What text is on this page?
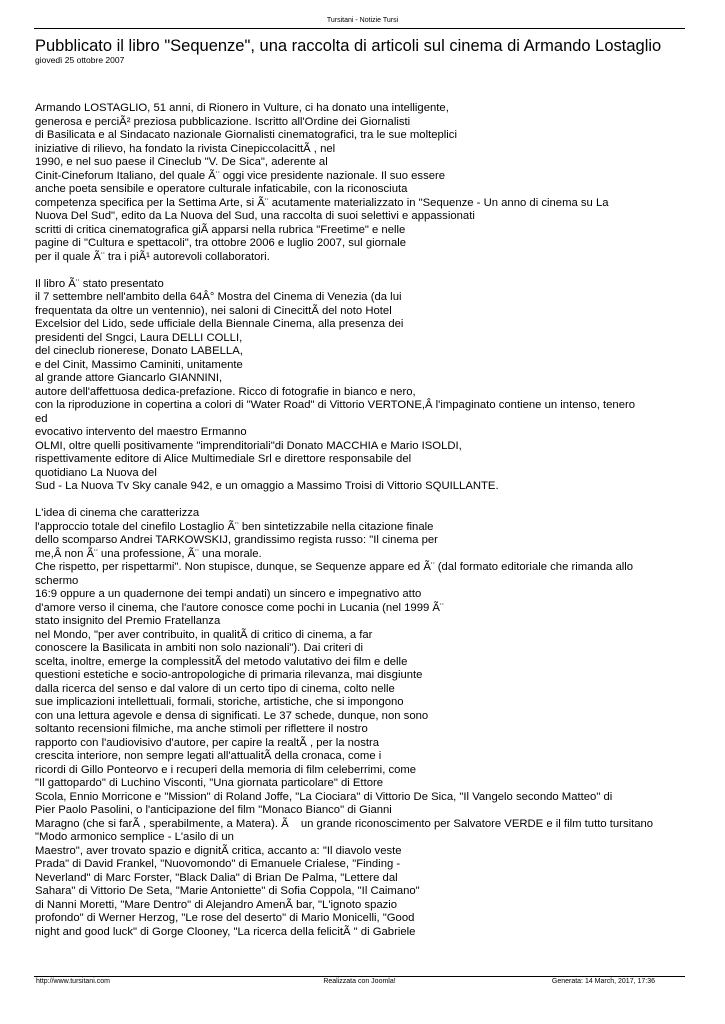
Tursitani - Notizie Tursi
Pubblicato il libro "Sequenze", una raccolta di articoli sul cinema di Armando Lostaglio
giovedì 25 ottobre 2007
Armando LOSTAGLIO, 51 anni, di Rionero in Vulture, ci ha donato una intelligente,
generosa e perciÃ² preziosa pubblicazione. Iscritto all'Ordine dei Giornalisti
di Basilicata e al Sindacato nazionale Giornalisti cinematografici, tra le sue molteplici
iniziative di rilievo, ha fondato la rivista CinepiccolacittÃ , nel
1990, e nel suo paese il Cineclub "V. De Sica", aderente al
Cinit-Cineforum Italiano, del quale Ã¨ oggi vice presidente nazionale. Il suo essere
anche poeta sensibile e operatore culturale infaticabile, con la riconosciuta
competenza specifica per la Settima Arte, si Ã¨ acutamente materializzato in "Sequenze - Un anno di cinema su La
Nuova Del Sud", edito da La Nuova del Sud, una raccolta di suoi selettivi e appassionati
scritti di critica cinematografica giÃ apparsi nella rubrica "Freetime" e nelle
pagine di "Cultura e spettacoli", tra ottobre 2006 e luglio 2007, sul giornale
per il quale Ã¨ tra i piÃ¹ autorevoli collaboratori.
Il libro Ã¨ stato presentato
il 7 settembre nell'ambito della 64Â° Mostra del Cinema di Venezia (da lui
frequentata da oltre un ventennio), nei saloni di CinecittÃ del noto Hotel
Excelsior del Lido, sede ufficiale della Biennale Cinema, alla presenza dei
presidenti del Sngci, Laura DELLI COLLI,
del cineclub rionerese, Donato LABELLA,
e del Cinit, Massimo Caminiti, unitamente
al grande attore Giancarlo GIANNINI,
autore dell'affettuosa dedica-prefazione. Ricco di fotografie in bianco e nero,
con la riproduzione in copertina a colori di "Water Road" di Vittorio VERTONE,Â l'impaginato contiene un intenso, tenero
ed
evocativo intervento del maestro Ermanno
OLMI, oltre quelli positivamente "imprenditoriali"di Donato MACCHIA e Mario ISOLDI,
rispettivamente editore di Alice Multimediale Srl e direttore responsabile del
quotidiano La Nuova del
Sud - La Nuova Tv Sky canale 942, e un omaggio a Massimo Troisi di Vittorio SQUILLANTE.
L'idea di cinema che caratterizza
l'approccio totale del cinefilo Lostaglio Ã¨ ben sintetizzabile nella citazione finale
dello scomparso Andrei TARKOWSKIJ, grandissimo regista russo: "Il cinema per
me,Â non Ã¨ una professione, Ã¨ una morale.
Che rispetto, per rispettarmi". Non stupisce, dunque, se Sequenze appare ed Ã¨ (dal formato editoriale che rimanda allo
schermo
16:9 oppure a un quadernone dei tempi andati) un sincero e impegnativo atto
d'amore verso il cinema, che l'autore conosce come pochi in Lucania (nel 1999 Ã¨
stato insignito del Premio Fratellanza
nel Mondo, "per aver contribuito, in qualitÃ di critico di cinema, a far
conoscere la Basilicata in ambiti non solo nazionali"). Dai criteri di
scelta, inoltre, emerge la complessitÃ del metodo valutativo dei film e delle
questioni estetiche e socio-antropologiche di primaria rilevanza, mai disgiunte
dalla ricerca del senso e dal valore di un certo tipo di cinema, colto nelle
sue implicazioni intellettuali, formali, storiche, artistiche, che si impongono
con una lettura agevole e densa di significati. Le 37 schede, dunque, non sono
soltanto recensioni filmiche, ma anche stimoli per riflettere il nostro
rapporto con l'audiovisivo d'autore, per capire la realtÃ , per la nostra
crescita interiore, non sempre legati all'attualitÃ della cronaca, come i
ricordi di Gillo Ponteorvo e i recuperi della memoria di film celeberrimi, come
"Il gattopardo" di Luchino Visconti, "Una giornata particolare" di Ettore
Scola, Ennio Morricone e "Mission" di Roland Joffe, "La Ciociara" di Vittorio De Sica, "Il Vangelo secondo Matteo" di
Pier Paolo Pasolini, o l'anticipazione del film "Monaco Bianco" di Gianni
Maragno (che si farÃ , sperabilmente, a Matera). Ã un grande riconoscimento per Salvatore VERDE e il film tutto tursitano
"Modo armonico semplice - L'asilo di un
Maestro", aver trovato spazio e dignitÃ critica, accanto a: "Il diavolo veste
Prada" di David Frankel, "Nuovomondo" di Emanuele Crialese, "Finding -
Neverland" di Marc Forster, "Black Dalia" di Brian De Palma, "Lettere dal
Sahara" di Vittorio De Seta, "Marie Antoniette" di Sofia Coppola, "Il Caimano"
di Nanni Moretti, "Mare Dentro" di Alejandro AmenÃ bar, "L'ignoto spazio
profondo" di Werner Herzog, "Le rose del deserto" di Mario Monicelli, "Good
night and good luck" di Gorge Clooney, "La ricerca della felicitÃ " di Gabriele
http://www.tursitani.com	Realizzata con Joomla!	Generata: 14 March, 2017, 17:36
